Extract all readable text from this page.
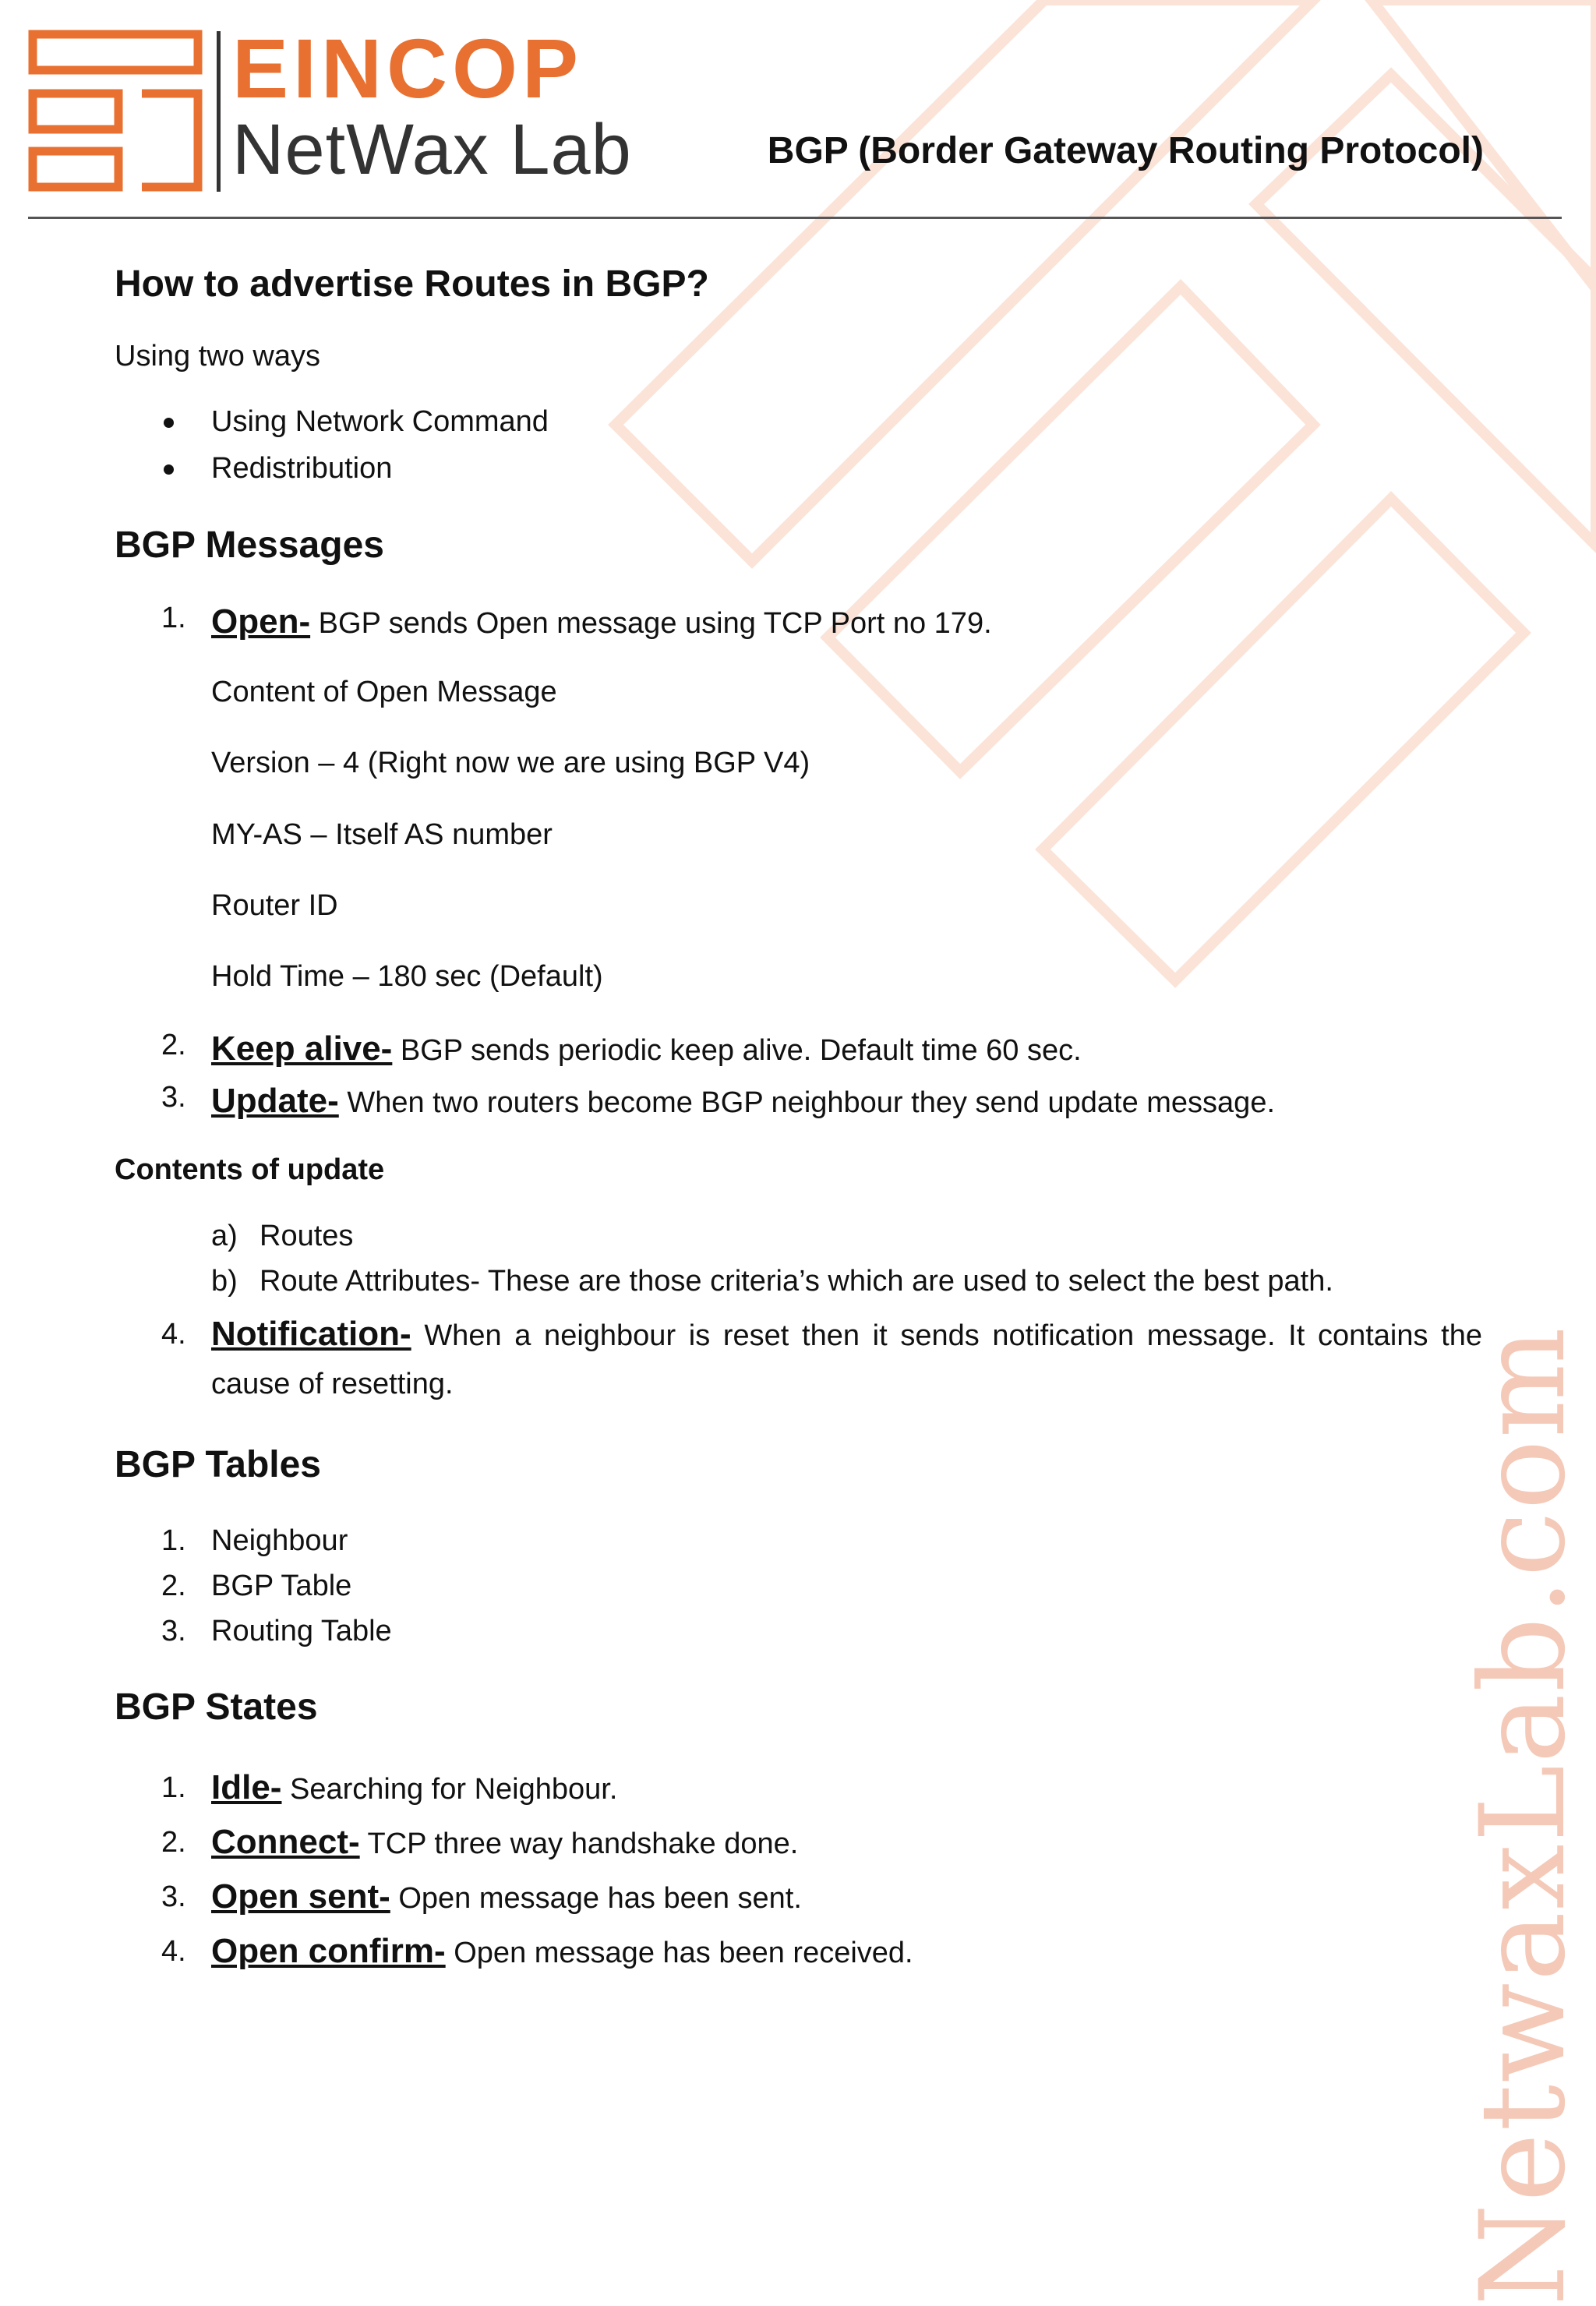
NetwaxLab.com
EINCOP
NetWax Lab	BGP (Border Gateway Routing Protocol)
How to advertise Routes in BGP?

Using two ways

Using Network Command
Redistribution
BGP Messages
1. Open- BGP sends Open message using TCP Port no 179.
Content of Open Message
Version – 4 (Right now we are using BGP V4)
MY-AS – Itself AS number
Router ID
Hold Time – 180 sec (Default)
2. Keep alive- BGP sends periodic keep alive. Default time 60 sec.
3. Update- When two routers become BGP neighbour they send update message.

Contents of update

a) Routes
b) Route Attributes- These are those criteria’s which are used to select the best path.
4. Notification- When a neighbour is reset then it sends notification message. It contains the cause of resetting.
BGP Tables
1. Neighbour
2. BGP Table
3. Routing Table
BGP States
1. Idle- Searching for Neighbour.
2. Connect- TCP three way handshake done.
3. Open sent- Open message has been sent.
4. Open confirm- Open message has been received.
